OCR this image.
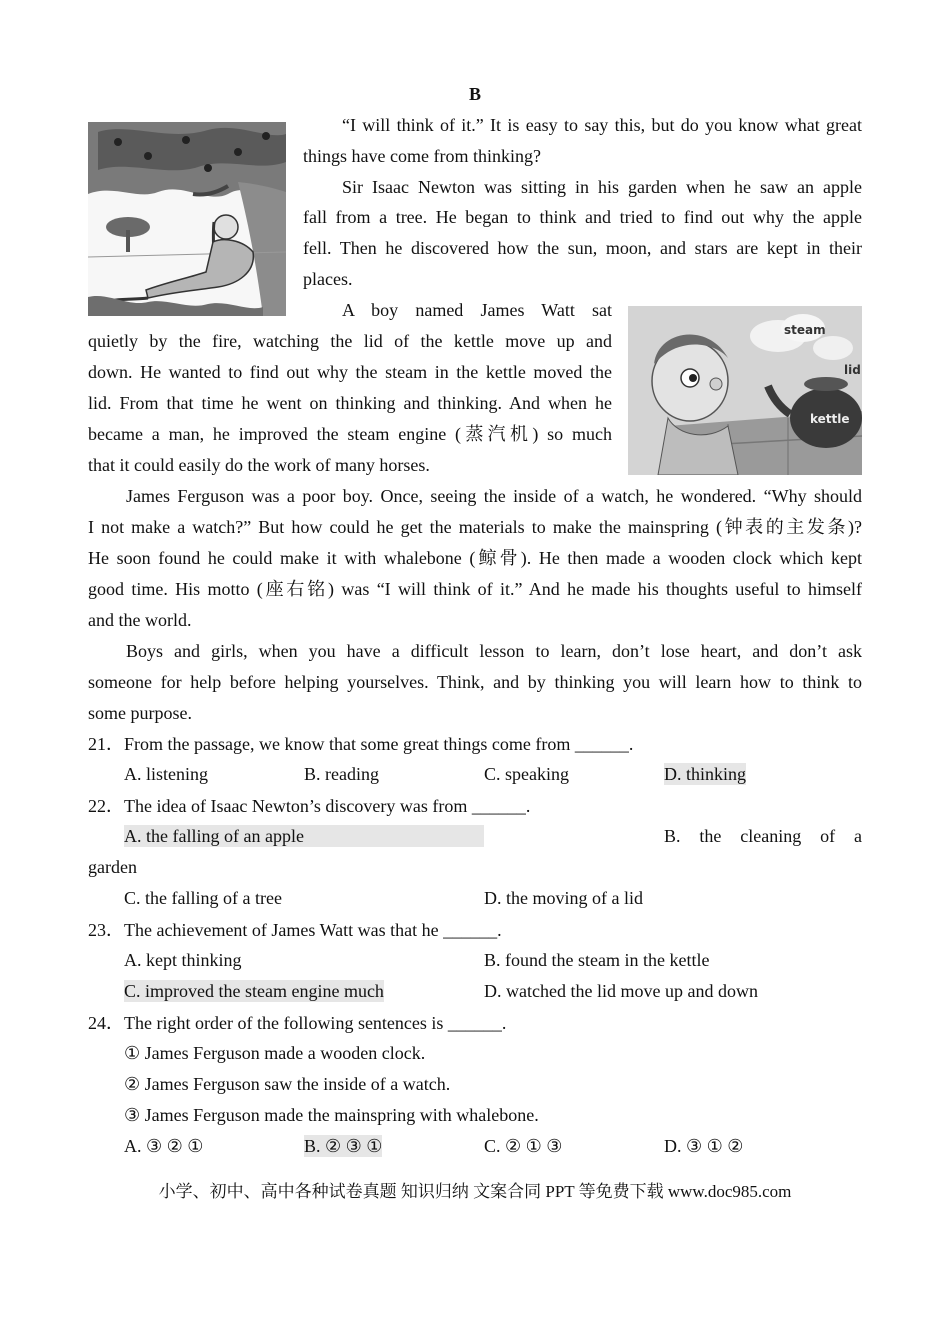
B
“I will think of it.” It is easy to say this, but do you know what great
things have come from thinking?
Sir Isaac Newton was sitting in his garden when he saw an apple
fall from a tree. He began to think and tried to find out why the apple
fell. Then he discovered how the sun, moon, and stars are kept in their
places.
steam
lid
kettle
A boy named James Watt sat
quietly by the fire, watching the lid of the kettle move up and
down. He wanted to find out why the steam in the kettle moved the
lid. From that time he went on thinking and thinking. And when he
became a man, he improved the steam engine (蒸汽机) so much
that it could easily do the work of many horses.
James Ferguson was a poor boy. Once, seeing the inside of a watch, he wondered. “Why should
I not make a watch?” But how could he get the materials to make the mainspring (钟表的主发条)?
He soon found he could make it with whalebone (鲸骨). He then made a wooden clock which kept
good time. His motto (座右铭) was “I will think of it.” And he made his thoughts useful to himself
and the world.
Boys and girls, when you have a difficult lesson to learn, don’t lose heart, and don’t ask
someone for help before helping yourselves. Think, and by thinking you will learn how to think to
some purpose.
21．From the passage, we know that some great things come from ______.
A. listening	B. reading	C. speaking	D. thinking
22．The idea of Isaac Newton’s discovery was from ______.
A. the falling of an apple	B. the cleaning of a
garden
C. the falling of a tree	D. the moving of a lid
23．The achievement of James Watt was that he ______.
A. kept thinking	B. found the steam in the kettle
C. improved the steam engine much	D. watched the lid move up and down
24．The right order of the following sentences is ______.
① James Ferguson made a wooden clock.
② James Ferguson saw the inside of a watch.
③ James Ferguson made the mainspring with whalebone.
A. ③ ② ①	B. ② ③ ①	C. ② ① ③	D. ③ ① ②
小学、初中、高中各种试卷真题 知识归纳 文案合同 PPT 等免费下载 www.doc985.com
